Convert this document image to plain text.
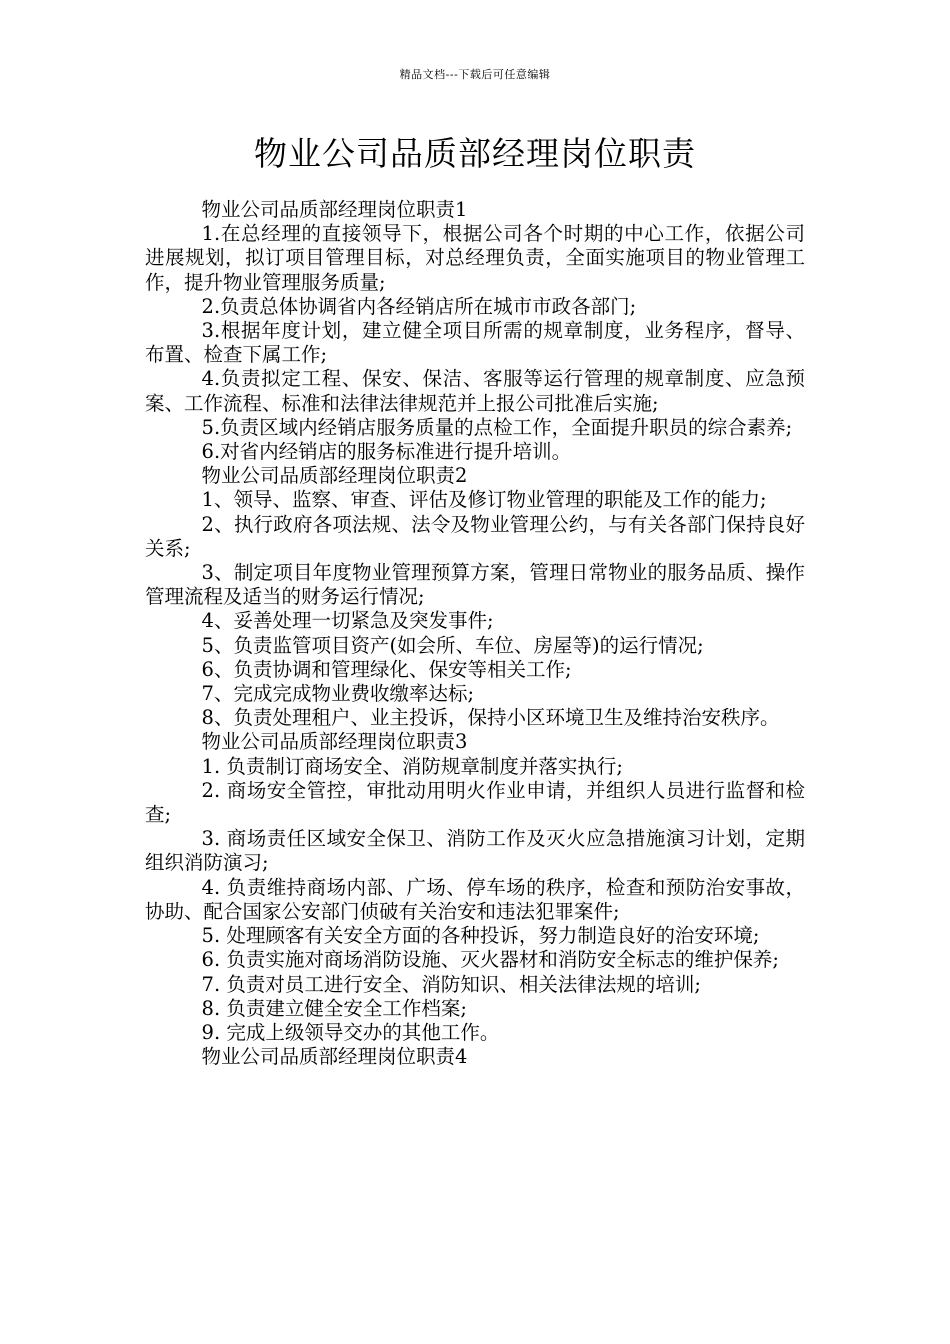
精品文档---下载后可任意编辑
物业公司品质部经理岗位职责

物业公司品质部经理岗位职责1

1.在总经理的直接领导下，根据公司各个时期的中心工作，依据公司进展规划，拟订项目管理目标，对总经理负责，全面实施项目的物业管理工作，提升物业管理服务质量;

2.负责总体协调省内各经销店所在城市市政各部门;

3.根据年度计划，建立健全项目所需的规章制度，业务程序，督导、布置、检查下属工作;

4.负责拟定工程、保安、保洁、客服等运行管理的规章制度、应急预案、工作流程、标准和法律法律规范并上报公司批准后实施;

5.负责区域内经销店服务质量的点检工作，全面提升职员的综合素养;

6.对省内经销店的服务标准进行提升培训。

物业公司品质部经理岗位职责2

1、领导、监察、审查、评估及修订物业管理的职能及工作的能力;

2、执行政府各项法规、法令及物业管理公约，与有关各部门保持良好关系;

3、制定项目年度物业管理预算方案，管理日常物业的服务品质、操作管理流程及适当的财务运行情况;

4、妥善处理一切紧急及突发事件;

5、负责监管项目资产(如会所、车位、房屋等)的运行情况;

6、负责协调和管理绿化、保安等相关工作;

7、完成完成物业费收缴率达标;

8、负责处理租户、业主投诉，保持小区环境卫生及维持治安秩序。

物业公司品质部经理岗位职责3

1. 负责制订商场安全、消防规章制度并落实执行;

2. 商场安全管控，审批动用明火作业申请，并组织人员进行监督和检查;

3. 商场责任区域安全保卫、消防工作及灭火应急措施演习计划，定期组织消防演习;

4. 负责维持商场内部、广场、停车场的秩序，检查和预防治安事故，协助、配合国家公安部门侦破有关治安和违法犯罪案件;

5. 处理顾客有关安全方面的各种投诉，努力制造良好的治安环境;

6. 负责实施对商场消防设施、灭火器材和消防安全标志的维护保养;

7. 负责对员工进行安全、消防知识、相关法律法规的培训;

8. 负责建立健全安全工作档案;

9. 完成上级领导交办的其他工作。

物业公司品质部经理岗位职责4
